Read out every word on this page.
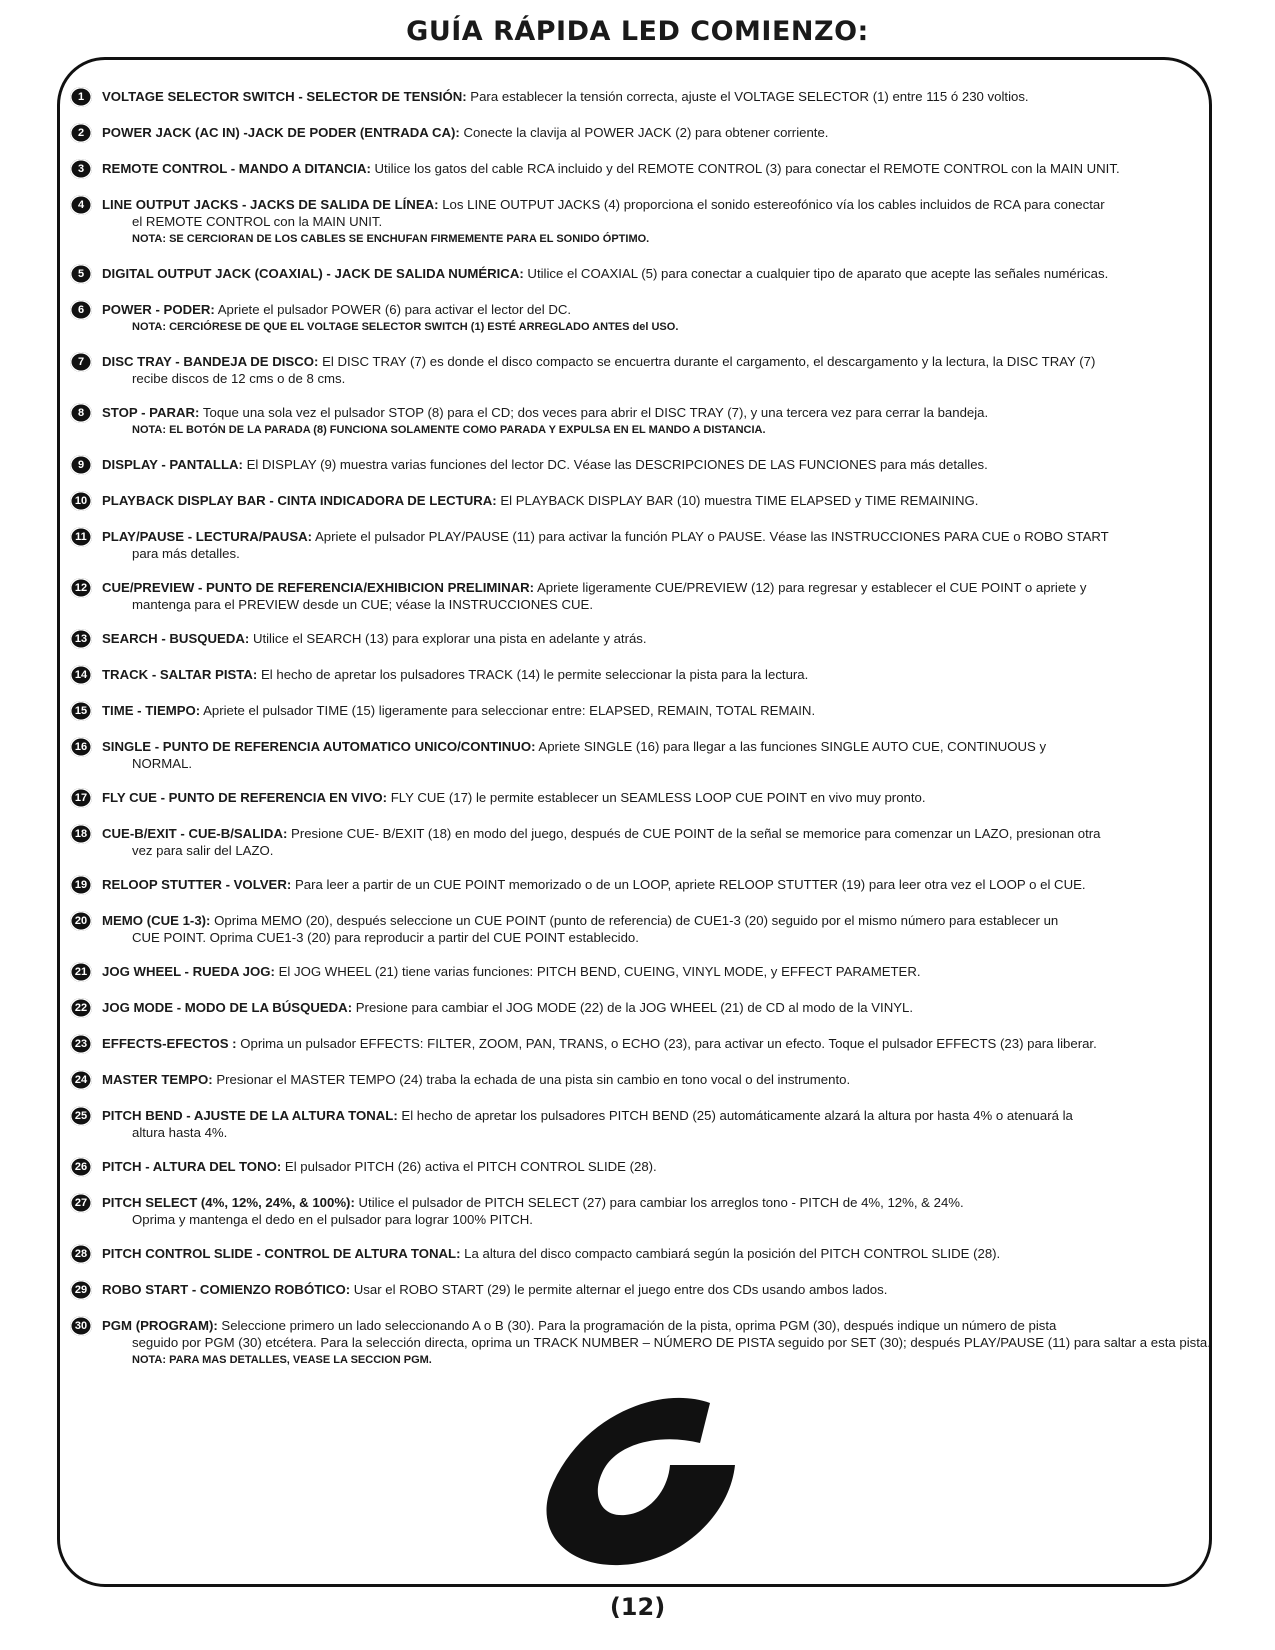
GUÍA RÁPIDA LED COMIENZO:
1	VOLTAGE SELECTOR SWITCH - SELECTOR DE TENSIÓN: Para establecer la tensión correcta, ajuste el VOLTAGE SELECTOR (1) entre 115 ó 230 voltios.
2	POWER JACK (AC IN) -JACK DE PODER (ENTRADA CA): Conecte la clavija al POWER JACK (2) para obtener corriente.
3	REMOTE CONTROL - MANDO A DITANCIA: Utilice los gatos del cable RCA incluido y del REMOTE CONTROL (3) para conectar el REMOTE CONTROL con la MAIN UNIT.
4	LINE OUTPUT JACKS - JACKS DE SALIDA DE LÍNEA: Los LINE OUTPUT JACKS (4) proporciona el sonido estereofónico vía los cables incluidos de RCA para conectar
el REMOTE CONTROL con la MAIN UNIT.
NOTA: SE CERCIORAN DE LOS CABLES SE ENCHUFAN FIRMEMENTE PARA EL SONIDO ÓPTIMO.
5	DIGITAL OUTPUT JACK (COAXIAL) - JACK DE SALIDA NUMÉRICA: Utilice el COAXIAL (5) para conectar a cualquier tipo de aparato que acepte las señales numéricas.
6	POWER - PODER: Apriete el pulsador POWER (6) para activar el lector del DC.
NOTA: CERCIÓRESE DE QUE EL VOLTAGE SELECTOR SWITCH (1) ESTÉ ARREGLADO ANTES del USO.
7	DISC TRAY - BANDEJA DE DISCO: El DISC TRAY (7) es donde el disco compacto se encuertra durante el cargamento, el descargamento y la lectura, la DISC TRAY (7)
recibe discos de 12 cms o de 8 cms.
8	STOP - PARAR: Toque una sola vez el pulsador STOP (8) para el CD; dos veces para abrir el DISC TRAY (7), y una tercera vez para cerrar la bandeja.
NOTA: EL BOTÓN DE LA PARADA (8) FUNCIONA SOLAMENTE COMO PARADA Y EXPULSA EN EL MANDO A DISTANCIA.
9	DISPLAY - PANTALLA: El DISPLAY (9) muestra varias funciones del lector DC. Véase las DESCRIPCIONES DE LAS FUNCIONES para más detalles.
10	PLAYBACK DISPLAY BAR - CINTA INDICADORA DE LECTURA: El PLAYBACK DISPLAY BAR (10) muestra TIME ELAPSED y TIME REMAINING.
11	PLAY/PAUSE - LECTURA/PAUSA: Apriete el pulsador PLAY/PAUSE (11) para activar la función PLAY o PAUSE. Véase las INSTRUCCIONES PARA CUE o ROBO START
para más detalles.
12	CUE/PREVIEW - PUNTO DE REFERENCIA/EXHIBICION PRELIMINAR: Apriete ligeramente CUE/PREVIEW (12) para regresar y establecer el CUE POINT o apriete y
mantenga para el PREVIEW desde un CUE; véase la INSTRUCCIONES CUE.
13	SEARCH - BUSQUEDA: Utilice el SEARCH (13) para explorar una pista en adelante y atrás.
14	TRACK - SALTAR PISTA: El hecho de apretar los pulsadores TRACK (14) le permite seleccionar la pista para la lectura.
15	TIME - TIEMPO: Apriete el pulsador TIME (15) ligeramente para seleccionar entre: ELAPSED, REMAIN, TOTAL REMAIN.
16	SINGLE - PUNTO DE REFERENCIA AUTOMATICO UNICO/CONTINUO: Apriete SINGLE (16) para llegar a las funciones SINGLE AUTO CUE, CONTINUOUS y
NORMAL.
17	FLY CUE - PUNTO DE REFERENCIA EN VIVO: FLY CUE (17) le permite establecer un SEAMLESS LOOP CUE POINT en vivo muy pronto.
18	CUE-B/EXIT - CUE-B/SALIDA: Presione CUE- B/EXIT (18) en modo del juego, después de CUE POINT de la señal se memorice para comenzar un LAZO, presionan otra
vez para salir del LAZO.
19	RELOOP STUTTER - VOLVER: Para leer a partir de un CUE POINT memorizado o de un LOOP, apriete RELOOP STUTTER (19) para leer otra vez el LOOP o el CUE.
20	MEMO (CUE 1-3): Oprima MEMO (20), después seleccione un CUE POINT (punto de referencia) de CUE1-3 (20) seguido por el mismo número para establecer un
CUE POINT. Oprima CUE1-3 (20) para reproducir a partir del CUE POINT establecido.
21	JOG WHEEL - RUEDA JOG: El JOG WHEEL (21) tiene varias funciones: PITCH BEND, CUEING, VINYL MODE, y EFFECT PARAMETER.
22	JOG MODE - MODO DE LA BÚSQUEDA: Presione para cambiar el JOG MODE (22) de la JOG WHEEL (21) de CD al modo de la VINYL.
23	EFFECTS-EFECTOS : Oprima un pulsador EFFECTS: FILTER, ZOOM, PAN, TRANS, o ECHO (23), para activar un efecto. Toque el pulsador EFFECTS (23) para liberar.
24	MASTER TEMPO: Presionar el MASTER TEMPO (24) traba la echada de una pista sin cambio en tono vocal o del instrumento.
25	PITCH BEND - AJUSTE DE LA ALTURA TONAL: El hecho de apretar los pulsadores PITCH BEND (25) automáticamente alzará la altura por hasta 4% o atenuará la
altura hasta 4%.
26	PITCH - ALTURA DEL TONO: El pulsador PITCH (26) activa el PITCH CONTROL SLIDE (28).
27	PITCH SELECT (4%, 12%, 24%, & 100%): Utilice el pulsador de PITCH SELECT (27) para cambiar los arreglos tono - PITCH de 4%, 12%, & 24%.
Oprima y mantenga el dedo en el pulsador para lograr 100% PITCH.
28	PITCH CONTROL SLIDE - CONTROL DE ALTURA TONAL: La altura del disco compacto cambiará según la posición del PITCH CONTROL SLIDE (28).
29	ROBO START - COMIENZO ROBÓTICO: Usar el ROBO START (29) le permite alternar el juego entre dos CDs usando ambos lados.
30	PGM (PROGRAM): Seleccione primero un lado seleccionando A o B (30). Para la programación de la pista, oprima PGM (30), después indique un número de pista
seguido por PGM (30) etcétera. Para la selección directa, oprima un TRACK NUMBER – NÚMERO DE PISTA seguido por SET (30); después PLAY/PAUSE (11) para saltar a esta pista.
NOTA: PARA MAS DETALLES, VEASE LA SECCION PGM.
(12)
